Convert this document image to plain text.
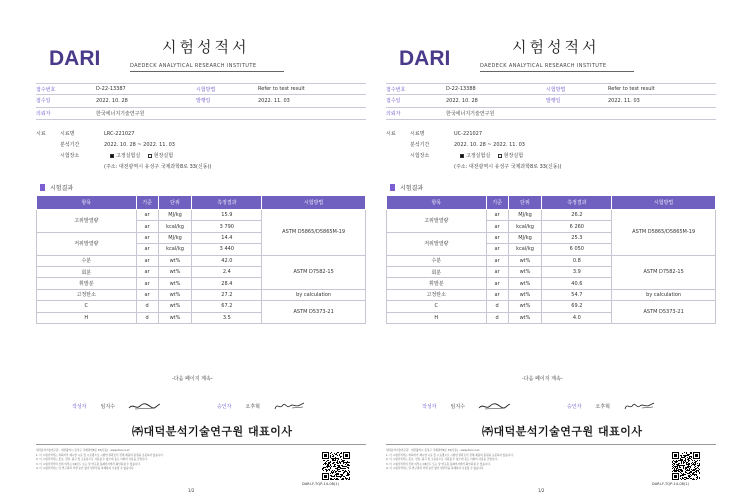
DARI	시험성적서
DAEDECK ANALYTICAL RESEARCH INSTITUTE
접수번호	D-22-13387	시험방법	Refer to test result
접수일	2022. 10. 28	발행일	2022. 11. 03
의뢰자	한국에너지기술연구원
시료	시료명	LRC-221027
분석기간	2022. 10. 28 ~ 2022. 11. 03
시험장소	고정실험실	현장실험
(주소: 대전광역시 유성구 국제과학8로 33(신동))
시험결과
항목	기준	단위	측정결과	시험방법
고위발열량	ar	MJ/kg	15.9	ASTM D5865/D5865M-19
	ar	kcal/kg	3 790	
저위발열량	ar	MJ/kg	14.4	
	ar	kcal/kg	3 440	
수분	ar	wt%	42.0	ASTM D7582-15
회분	ar	wt%	2.4	
휘발분	ar	wt%	28.4	
고정탄소	ar	wt%	27.2	by calculation
C	d	wt%	67.2	ASTM D5373-21
H	d	wt%	3.5	
-다음 페이지 계속-
작성자	임지수	승인자	오후혁
㈜대덕분석기술연구원 대표이사
대덕분석기술연구원 · 대전광역시 유성구 국제과학8로 33(신동) · www.dari.co.kr
1. 이 시험성적서는 의뢰자가 제시한 시료 및 시료명으로 시험한 결과로서 전체 제품의 품질을 보증하지 않습니다.
2. 이 시험성적서는 홍보, 선전, 광고 및 소송용으로 사용될 수 없으며 용도 이외의 사용을 금합니다.
3. 이 시험성적서의 진위 여부는 QR코드 또는 당 연구원 홈페이지에서 확인하실 수 있습니다.
4. 이 시험성적서는 당 연구원의 서면 승인 없이 일부만을 복제하여 사용할 수 없습니다.
DARI-F-TQP-14-08(1)
1/2
DARI	시험성적서
DAEDECK ANALYTICAL RESEARCH INSTITUTE
접수번호	D-22-13388	시험방법	Refer to test result
접수일	2022. 10. 28	발행일	2022. 11. 03
의뢰자	한국에너지기술연구원
시료	시료명	UC-221027
분석기간	2022. 10. 28 ~ 2022. 11. 03
시험장소	고정실험실	현장실험
(주소: 대전광역시 유성구 국제과학8로 33(신동))
시험결과
항목	기준	단위	측정결과	시험방법
고위발열량	ar	MJ/kg	26.2	ASTM D5865/D5865M-19
	ar	kcal/kg	6 260	
저위발열량	ar	MJ/kg	25.3	
	ar	kcal/kg	6 050	
수분	ar	wt%	0.8	ASTM D7582-15
회분	ar	wt%	3.9	
휘발분	ar	wt%	40.6	
고정탄소	ar	wt%	54.7	by calculation
C	d	wt%	69.2	ASTM D5373-21
H	d	wt%	4.0	
-다음 페이지 계속-
작성자	임지수	승인자	오후혁
㈜대덕분석기술연구원 대표이사
대덕분석기술연구원 · 대전광역시 유성구 국제과학8로 33(신동) · www.dari.co.kr
1. 이 시험성적서는 의뢰자가 제시한 시료 및 시료명으로 시험한 결과로서 전체 제품의 품질을 보증하지 않습니다.
2. 이 시험성적서는 홍보, 선전, 광고 및 소송용으로 사용될 수 없으며 용도 이외의 사용을 금합니다.
3. 이 시험성적서의 진위 여부는 QR코드 또는 당 연구원 홈페이지에서 확인하실 수 있습니다.
4. 이 시험성적서는 당 연구원의 서면 승인 없이 일부만을 복제하여 사용할 수 없습니다.
DARI-F-TQP-14-08(1)
1/2
